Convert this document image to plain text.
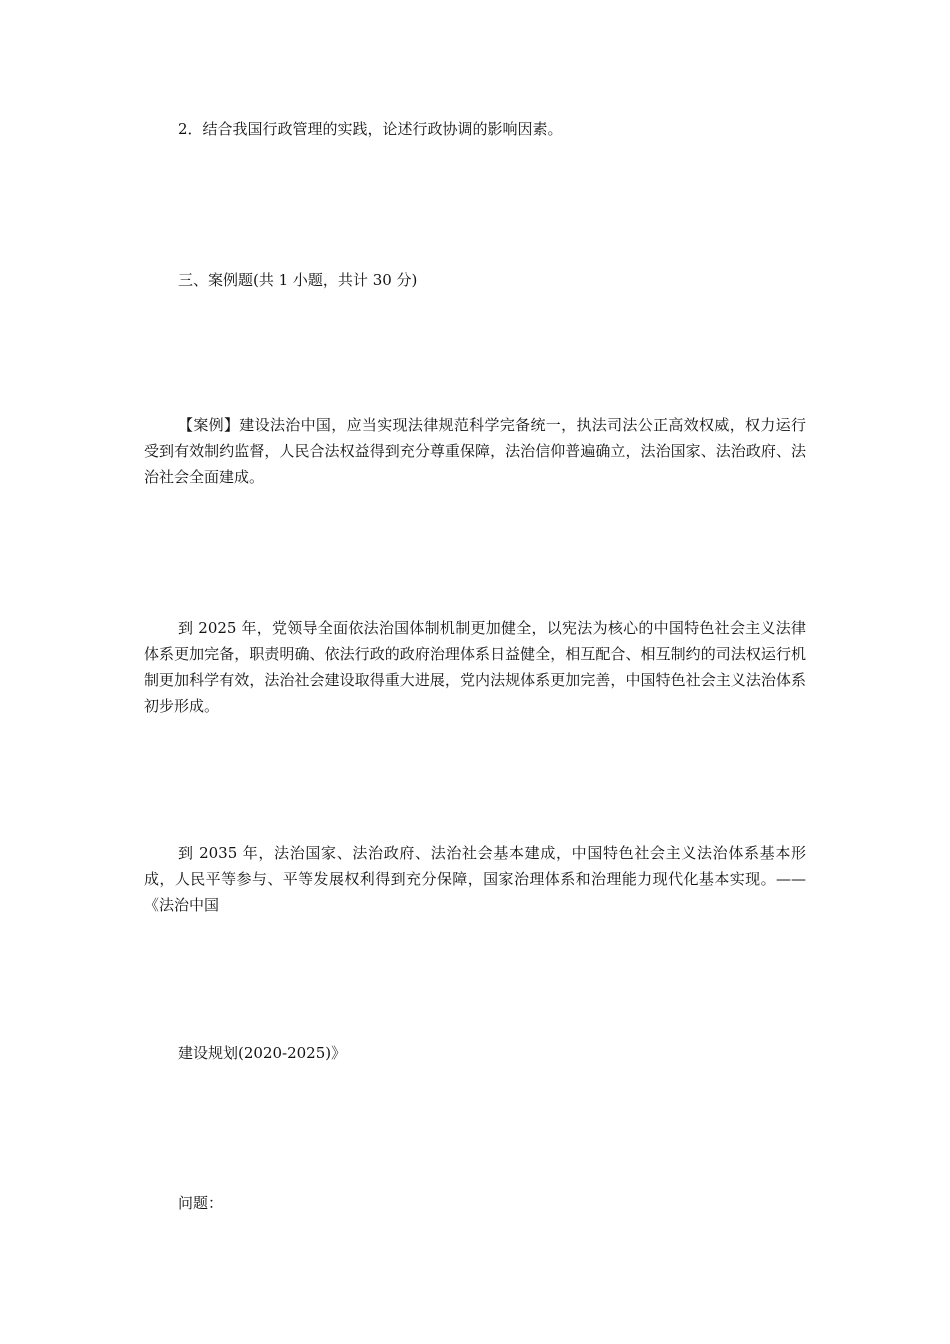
2．结合我国行政管理的实践，论述行政协调的影响因素。
三、案例题(共 1 小题，共计 30 分)
【案例】建设法治中国，应当实现法律规范科学完备统一，执法司法公正高效权威，权力运行受到有效制约监督，人民合法权益得到充分尊重保障，法治信仰普遍确立，法治国家、法治政府、法治社会全面建成。
到 2025 年，党领导全面依法治国体制机制更加健全，以宪法为核心的中国特色社会主义法律体系更加完备，职责明确、依法行政的政府治理体系日益健全，相互配合、相互制约的司法权运行机制更加科学有效，法治社会建设取得重大进展，党内法规体系更加完善，中国特色社会主义法治体系初步形成。
到 2035 年，法治国家、法治政府、法治社会基本建成，中国特色社会主义法治体系基本形成，人民平等参与、平等发展权利得到充分保障，国家治理体系和治理能力现代化基本实现。——《法治中国
建设规划(2020-2025)》
问题：
